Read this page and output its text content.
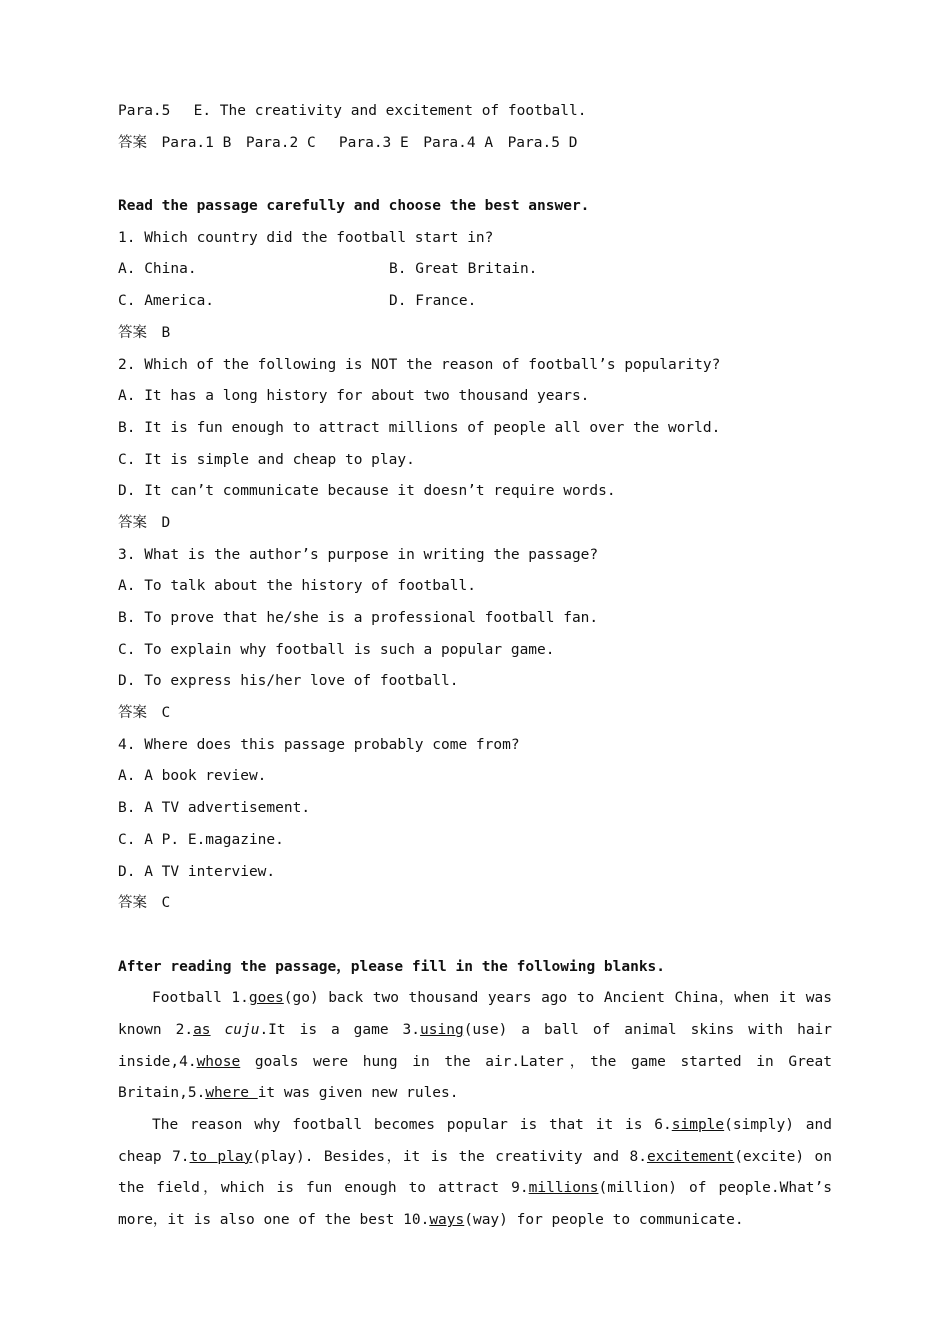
Para.5　 E. The creativity and excitement of football.
答案　Para.1 B　Para.2 C　 Para.3 E　Para.4 A　Para.5 D
Read the passage carefully and choose the best answer.
1. Which country did the football start in?
A. China.	B. Great Britain.
C. America.	D. France.
答案　B
2. Which of the following is NOT the reason of football’s popularity?
A. It has a long history for about two thousand years.
B. It is fun enough to attract millions of people all over the world.
C. It is simple and cheap to play.
D. It can’t communicate because it doesn’t require words.
答案　D
3. What is the author’s purpose in writing the passage?
A. To talk about the history of football.
B. To prove that he/she is a professional football fan.
C. To explain why football is such a popular game.
D. To express his/her love of football.
答案　C
4. Where does this passage probably come from?
A. A book review.
B. A TV advertisement.
C. A P. E.magazine.
D. A TV interview.
答案　C
After reading the passage，please fill in the following blanks.
Football 1.goes(go) back two thousand years ago to Ancient China，when it was known 2.as cuju.It is a game 3.using(use) a ball of animal skins with hair inside,4.whose goals were hung in the air.Later，the game started in Great Britain,5.where it was given new rules.
The reason why football becomes popular is that it is 6.simple(simply) and cheap 7.to play(play). Besides，it is the creativity and 8.excitement(excite) on the field，which is fun enough to attract 9.millions(million) of people.What’s more，it is also one of the best 10.ways(way) for people to communicate.
